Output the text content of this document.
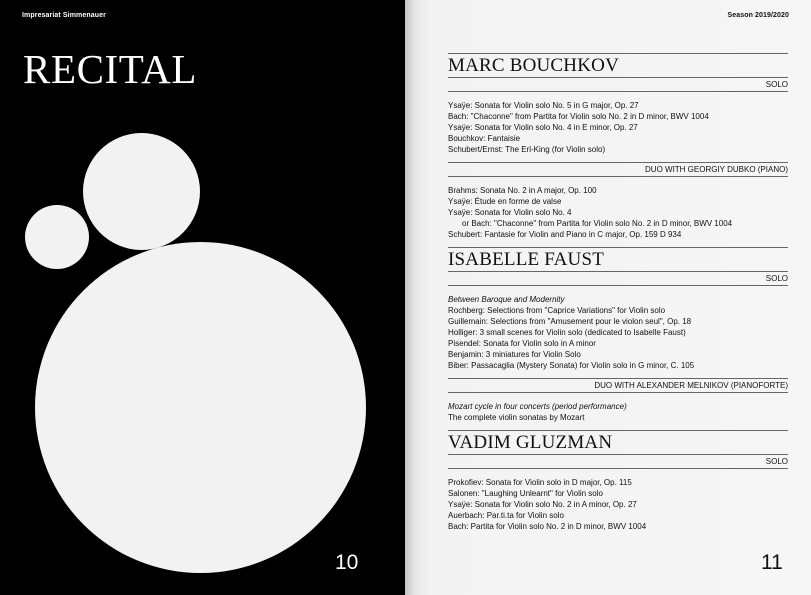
Impresariat Simmenauer
RECITAL
10
Season 2019/2020
MARC BOUCHKOV
SOLO
Ysaÿe: Sonata for Violin solo No. 5 in G major, Op. 27
Bach: "Chaconne" from Partita for Violin solo No. 2 in D minor, BWV 1004
Ysaÿe: Sonata for Violin solo No. 4 in E minor, Op. 27
Bouchkov: Fantaisie
Schubert/Ernst: The Erl-King (for Violin solo)
DUO WITH GEORGIY DUBKO (PIANO)
Brahms: Sonata No. 2 in A major, Op. 100
Ysaÿe: Étude en forme de valse
Ysaÿe: Sonata for Violin solo No. 4
or Bach: "Chaconne" from Partita for Violin solo No. 2 in D minor, BWV 1004
Schubert: Fantasie for Violin and Piano in C major, Op. 159 D 934
ISABELLE FAUST
SOLO
Between Baroque and Modernity
Rochberg: Selections from "Caprice Variations" for Violin solo
Guillemain: Selections from "Amusement pour le violon seul", Op. 18
Holliger: 3 small scenes for Violin solo (dedicated to Isabelle Faust)
Pisendel: Sonata for Violin solo in A minor
Benjamin: 3 miniatures for Violin Solo
Biber: Passacaglia (Mystery Sonata) for Violin solo in G minor, C. 105
DUO WITH ALEXANDER MELNIKOV (PIANOFORTE)
Mozart cycle in four concerts (period performance)
The complete violin sonatas by Mozart
VADIM GLUZMAN
SOLO
Prokofiev: Sonata for Violin solo in D major, Op. 115
Salonen: "Laughing Unlearnt" for Violin solo
Ysaÿe: Sonata for Violin solo No. 2 in A minor, Op. 27
Auerbach: Par.ti.ta for Violin solo
Bach: Partita for Violin solo No. 2 in D minor, BWV 1004
11
